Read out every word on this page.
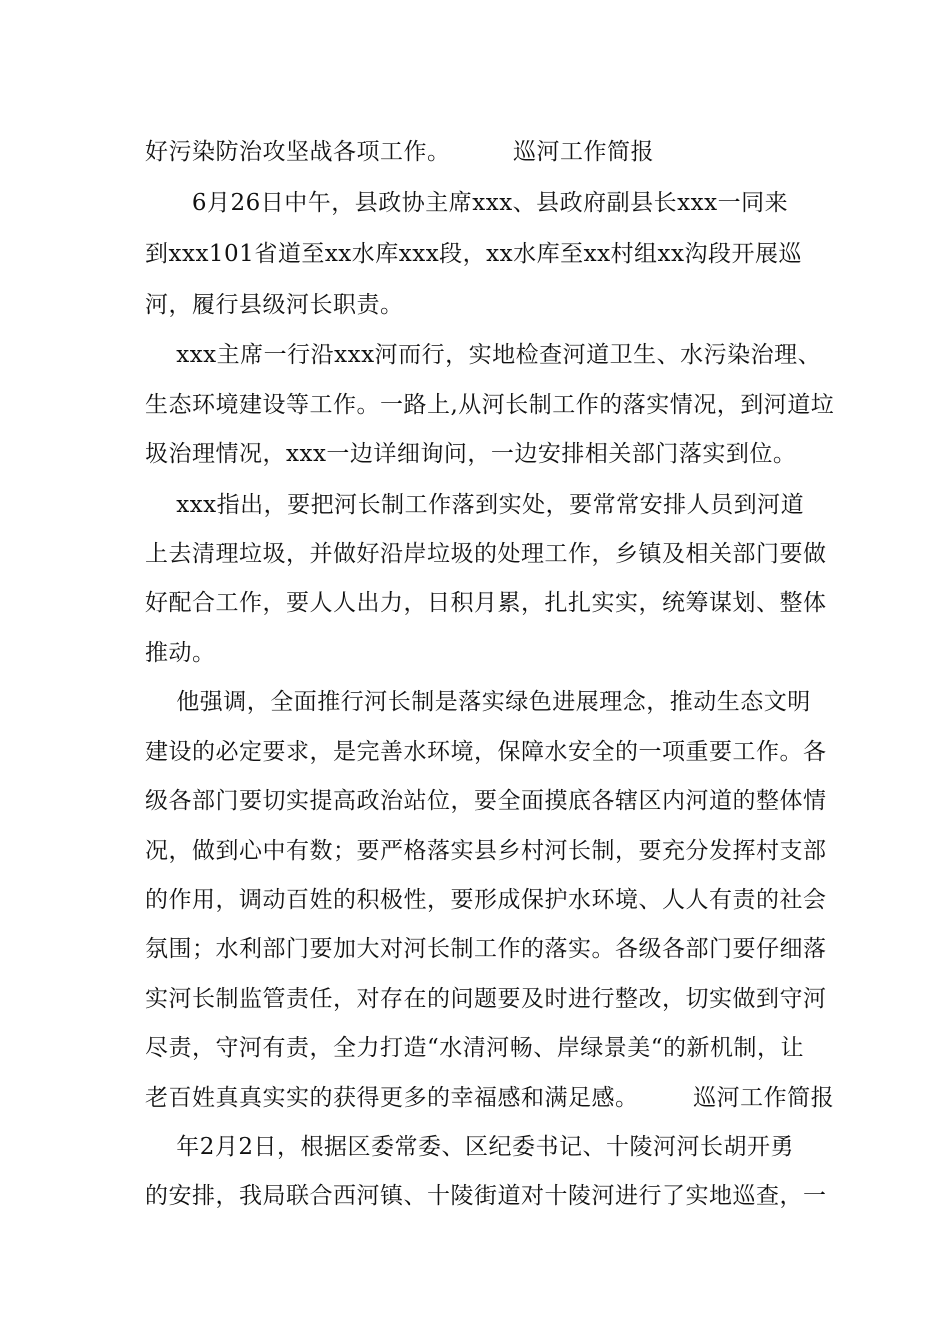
好污染防治攻坚战各项工作。        巡河工作简报
6月26日中午，县政协主席xxx、县政府副县长xxx一同来
到xxx101省道至xx水库xxx段，xx水库至xx村组xx沟段开展巡
河，履行县级河长职责。
xxx主席一行沿xxx河而行，实地检查河道卫生、水污染治理、
生态环境建设等工作。一路上,从河长制工作的落实情况，到河道垃
圾治理情况，xxx一边详细询问，一边安排相关部门落实到位。
xxx指出，要把河长制工作落到实处，要常常安排人员到河道
上去清理垃圾，并做好沿岸垃圾的处理工作，乡镇及相关部门要做
好配合工作，要人人出力，日积月累，扎扎实实，统筹谋划、整体
推动。
他强调，全面推行河长制是落实绿色进展理念，推动生态文明
建设的必定要求，是完善水环境，保障水安全的一项重要工作。各
级各部门要切实提高政治站位，要全面摸底各辖区内河道的整体情
况，做到心中有数；要严格落实县乡村河长制，要充分发挥村支部
的作用，调动百姓的积极性，要形成保护水环境、人人有责的社会
氛围；水利部门要加大对河长制工作的落实。各级各部门要仔细落
实河长制监管责任，对存在的问题要及时进行整改，切实做到守河
尽责，守河有责，全力打造“水清河畅、岸绿景美“的新机制，让
老百姓真真实实的获得更多的幸福感和满足感。       巡河工作简报
年2月2日，根据区委常委、区纪委书记、十陵河河长胡开勇
的安排，我局联合西河镇、十陵街道对十陵河进行了实地巡查，一
